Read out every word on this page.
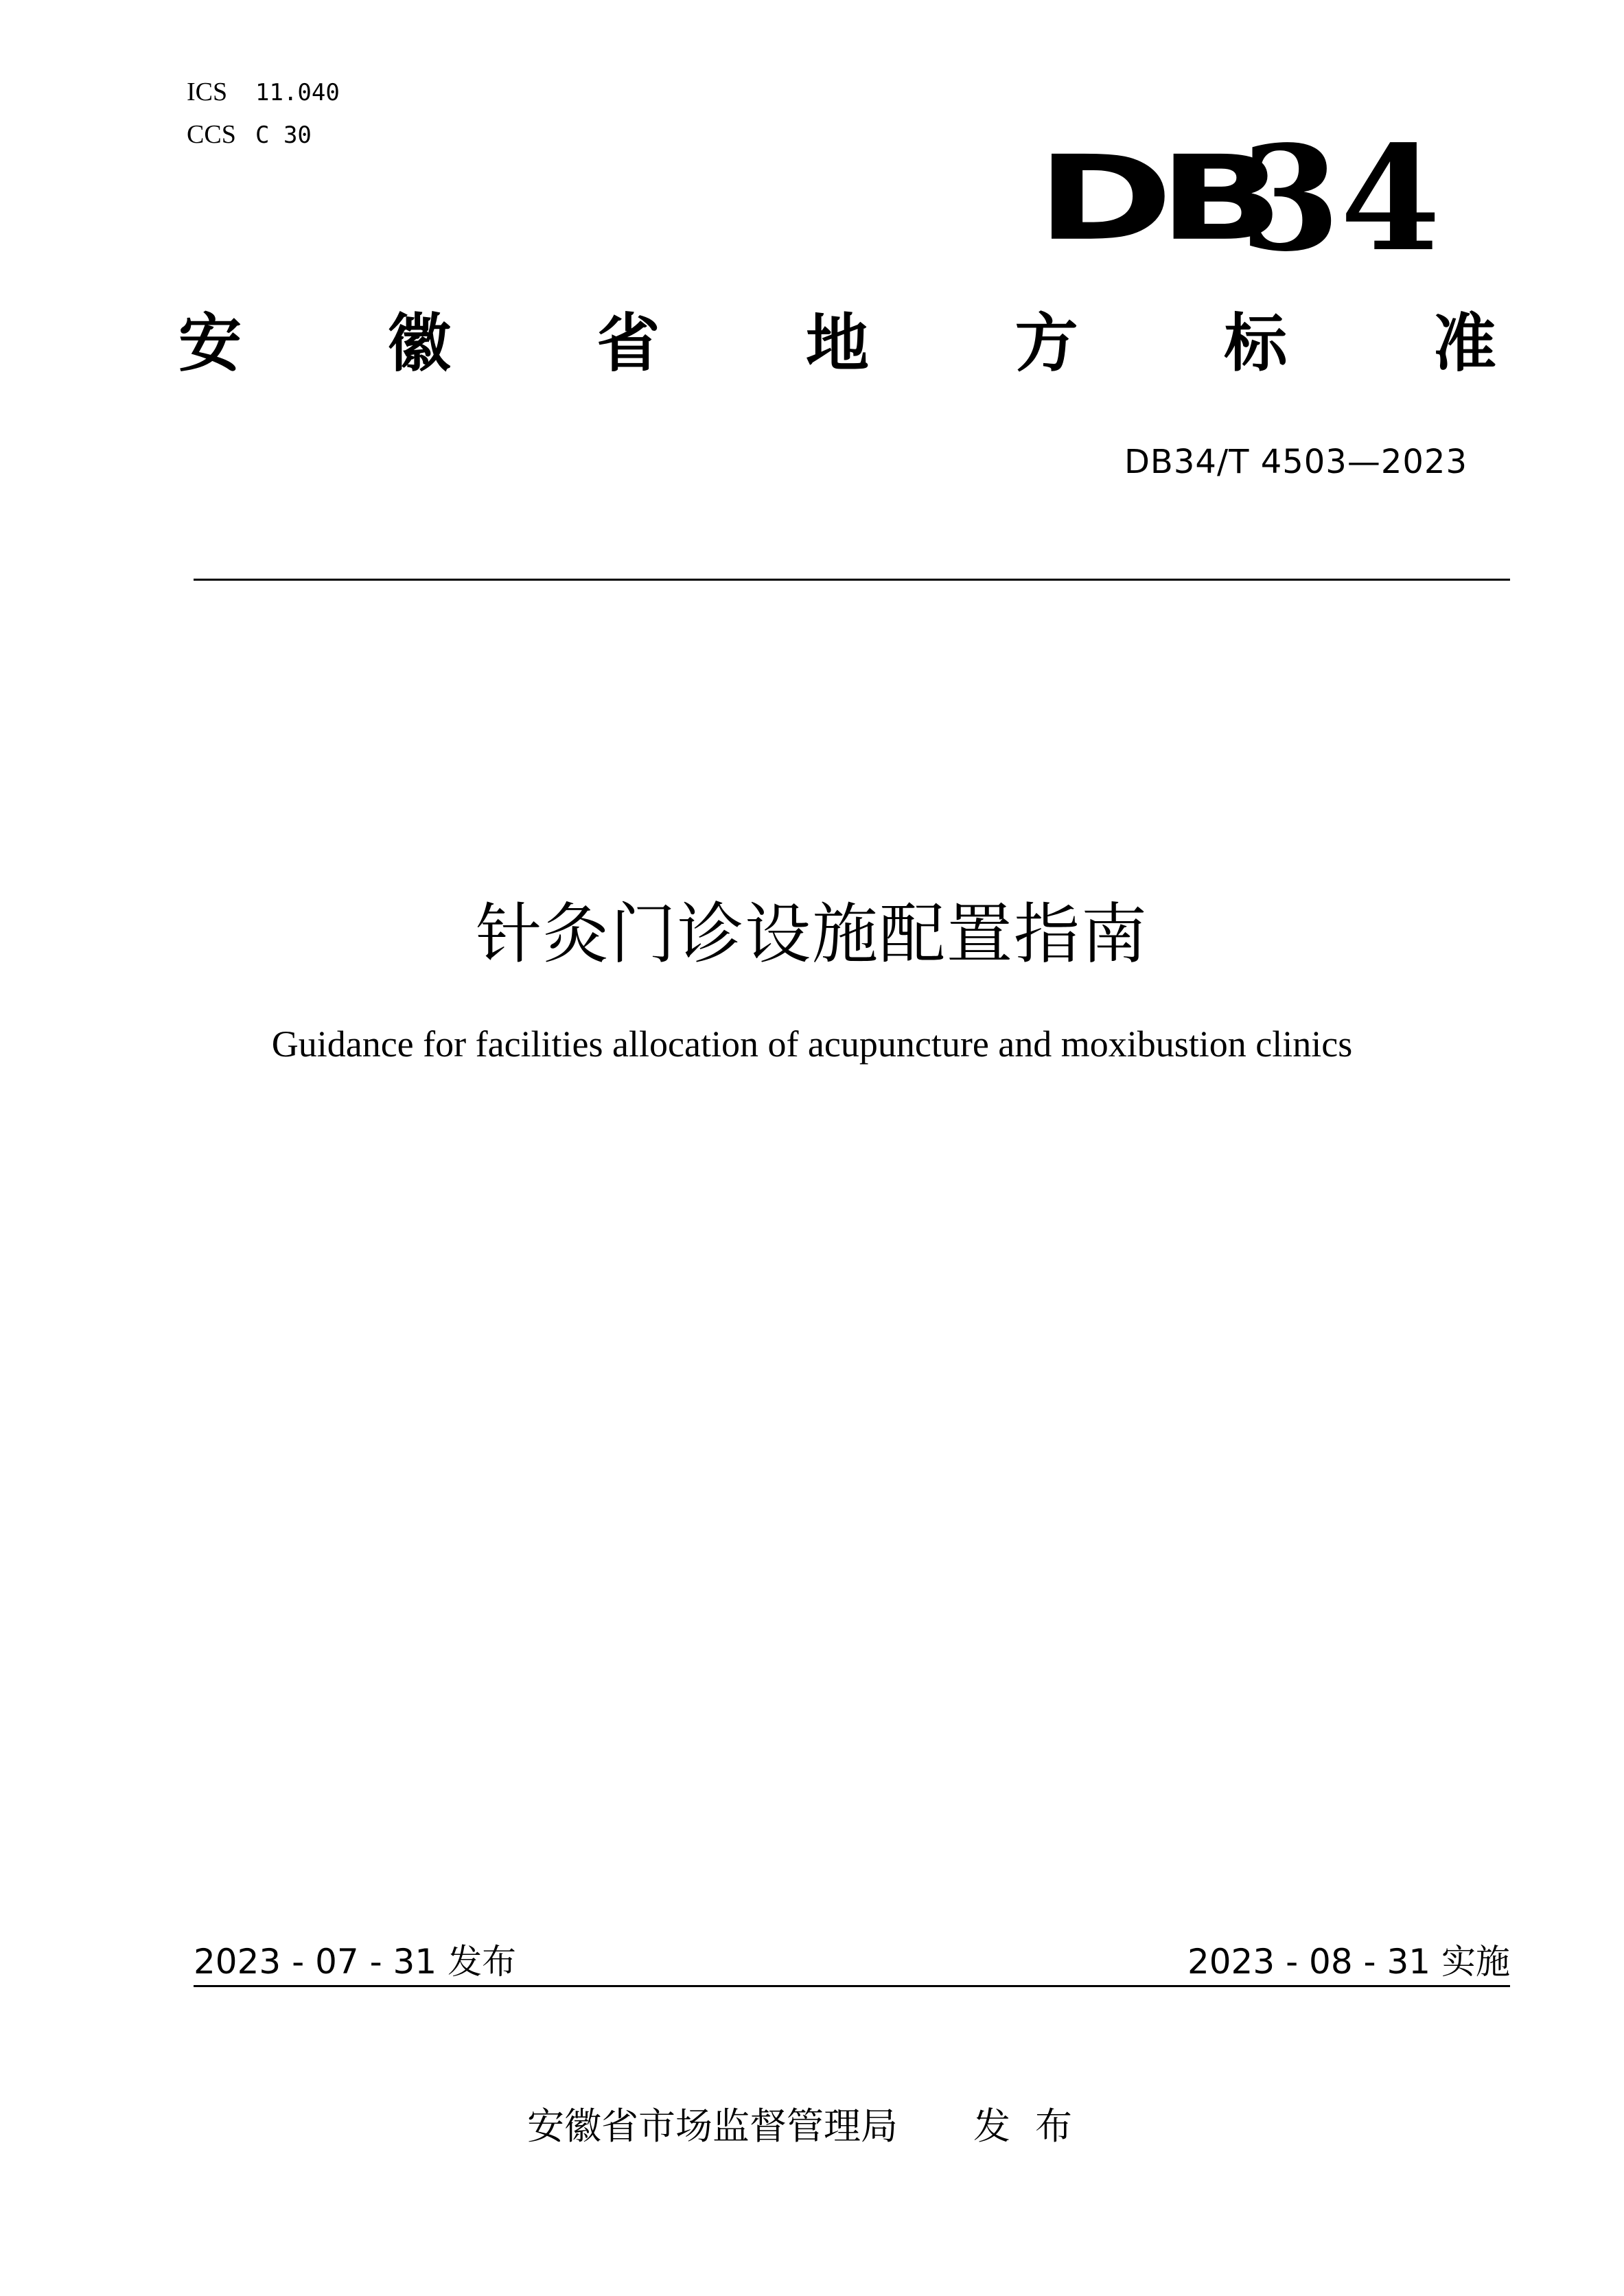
ICS	11.040
CCS C 30	DB
34
安 徽 省 地 方 标 准
DB34/T 4503—2023
针灸门诊设施配置指南
Guidance for facilities allocation of acupuncture and moxibustion clinics
2023 - 07 - 31 发布	2023 - 08 - 31 实施
安徽省市场监督管理局 发布
